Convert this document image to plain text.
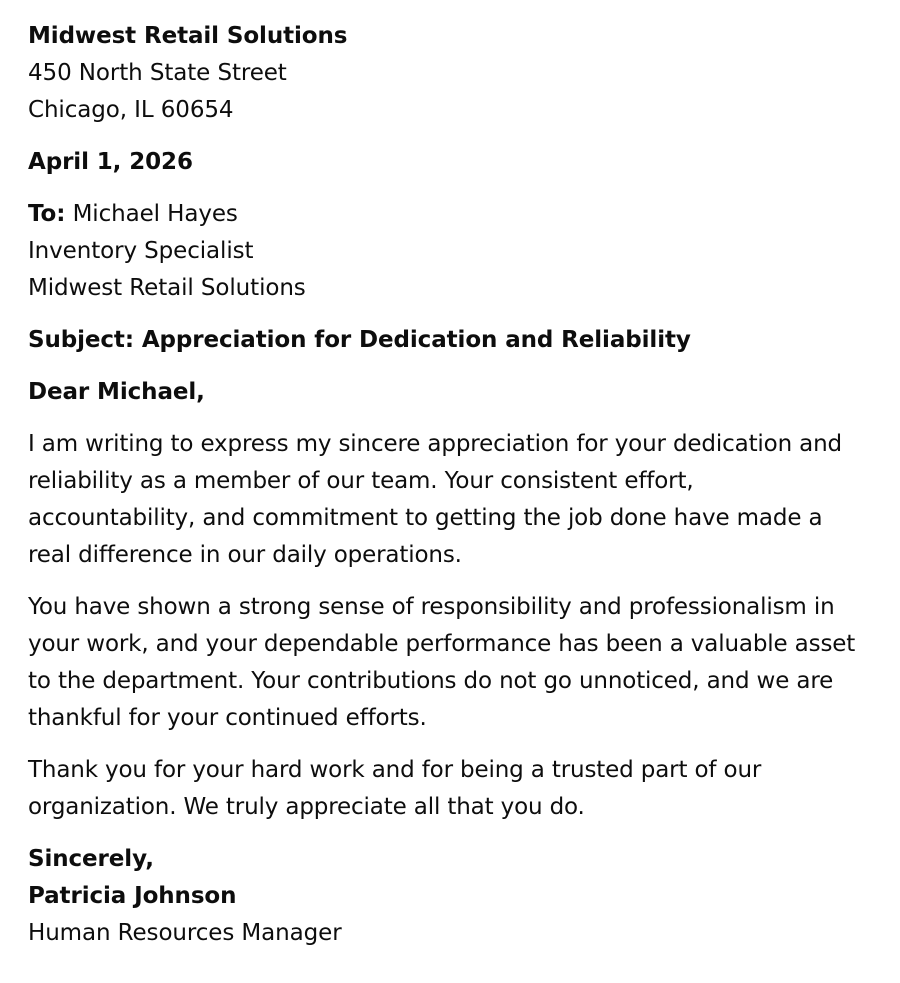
Midwest Retail Solutions
450 North State Street
Chicago, IL 60654
April 1, 2026
To: Michael Hayes
Inventory Specialist
Midwest Retail Solutions
Subject: Appreciation for Dedication and Reliability
Dear Michael,

I am writing to express my sincere appreciation for your dedication and reliability as a member of our team. Your consistent effort, accountability, and commitment to getting the job done have made a real difference in our daily operations.

You have shown a strong sense of responsibility and professionalism in your work, and your dependable performance has been a valuable asset to the department. Your contributions do not go unnoticed, and we are thankful for your continued efforts.

Thank you for your hard work and for being a trusted part of our organization. We truly appreciate all that you do.

Sincerely,
Patricia Johnson
Human Resources Manager
